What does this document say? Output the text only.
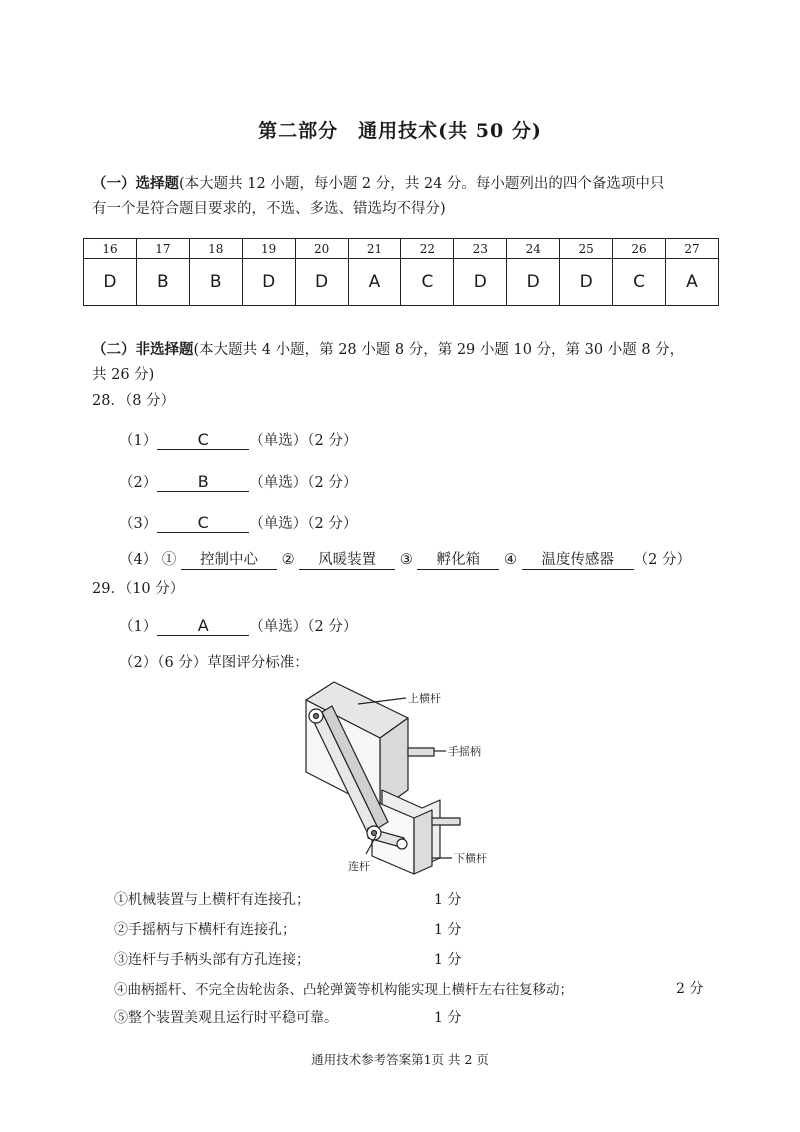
第二部分　通用技术(共 50 分)
（一）选择题(本大题共 12 小题，每小题 2 分，共 24 分。每小题列出的四个备选项中只
有一个是符合题目要求的，不选、多选、错选均不得分)
16	17	18	19	20	21	22	23	24	25	26	27
D	B	B	D	D	A	C	D	D	D	C	A
（二）非选择题(本大题共 4 小题，第 28 小题 8 分，第 29 小题 10 分，第 30 小题 8 分，
共 26 分)
28．（8 分）
（1）	C	（单选）（2 分）
（2）	B	（单选）（2 分）
（3）	C	（单选）（2 分）
（4） ① 控制中心 ② 风暖装置 ③ 孵化箱 ④ 温度传感器 （2 分）
29．（10 分）
（1）	A	（单选）（2 分）
（2）（6 分）草图评分标准：
上横杆
手摇柄
连杆
下横杆
①机械装置与上横杆有连接孔；	1 分
②手摇柄与下横杆有连接孔；	1 分
③连杆与手柄头部有方孔连接；	1 分
④曲柄摇杆、不完全齿轮齿条、凸轮弹簧等机构能实现上横杆左右往复移动；	2 分
⑤整个装置美观且运行时平稳可靠。	1 分
通用技术参考答案第1页 共 2 页
